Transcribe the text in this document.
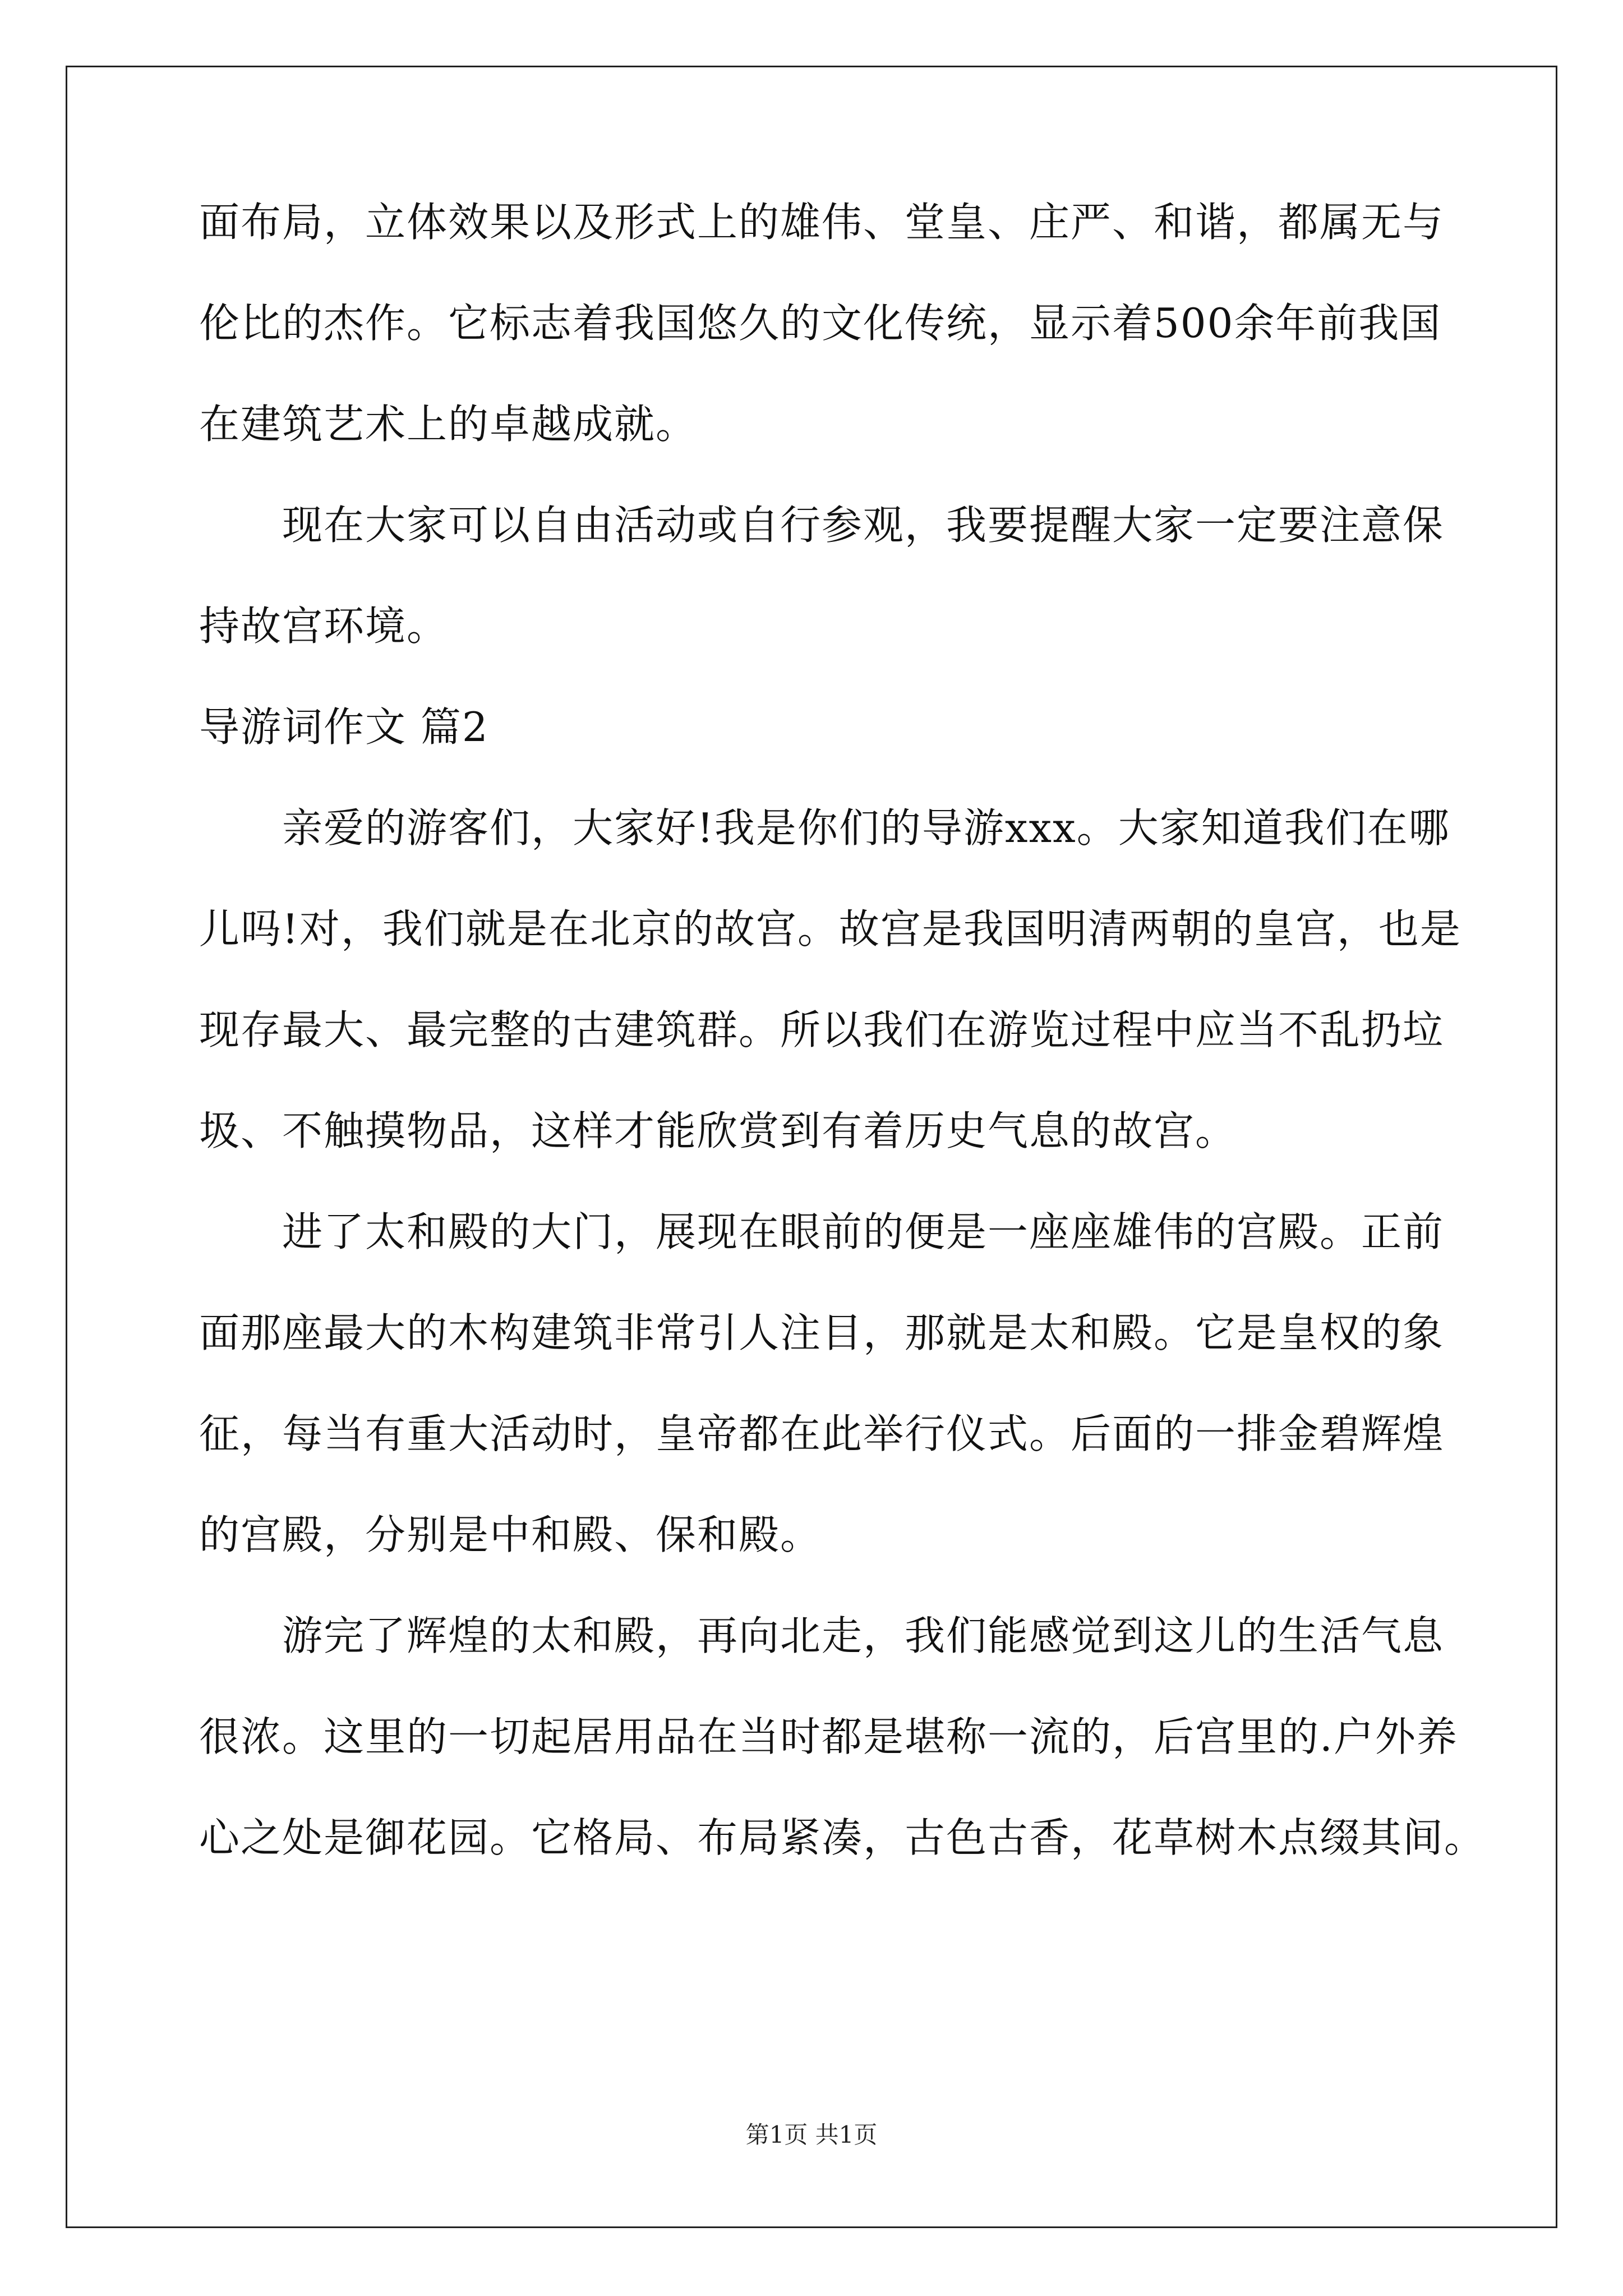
面布局，立体效果以及形式上的雄伟、堂皇、庄严、和谐，都属无与
伦比的杰作。它标志着我国悠久的文化传统，显示着500余年前我国
在建筑艺术上的卓越成就。
现在大家可以自由活动或自行参观，我要提醒大家一定要注意保
持故宫环境。
导游词作文 篇2
亲爱的游客们，大家好!我是你们的导游xxx。大家知道我们在哪
儿吗!对，我们就是在北京的故宫。故宫是我国明清两朝的皇宫，也是
现存最大、最完整的古建筑群。所以我们在游览过程中应当不乱扔垃
圾、不触摸物品，这样才能欣赏到有着历史气息的故宫。
进了太和殿的大门，展现在眼前的便是一座座雄伟的宫殿。正前
面那座最大的木构建筑非常引人注目，那就是太和殿。它是皇权的象
征，每当有重大活动时，皇帝都在此举行仪式。后面的一排金碧辉煌
的宫殿，分别是中和殿、保和殿。
游完了辉煌的太和殿，再向北走，我们能感觉到这儿的生活气息
很浓。这里的一切起居用品在当时都是堪称一流的，后宫里的.户外养
心之处是御花园。它格局、布局紧凑，古色古香，花草树木点缀其间。
第1页 共1页
